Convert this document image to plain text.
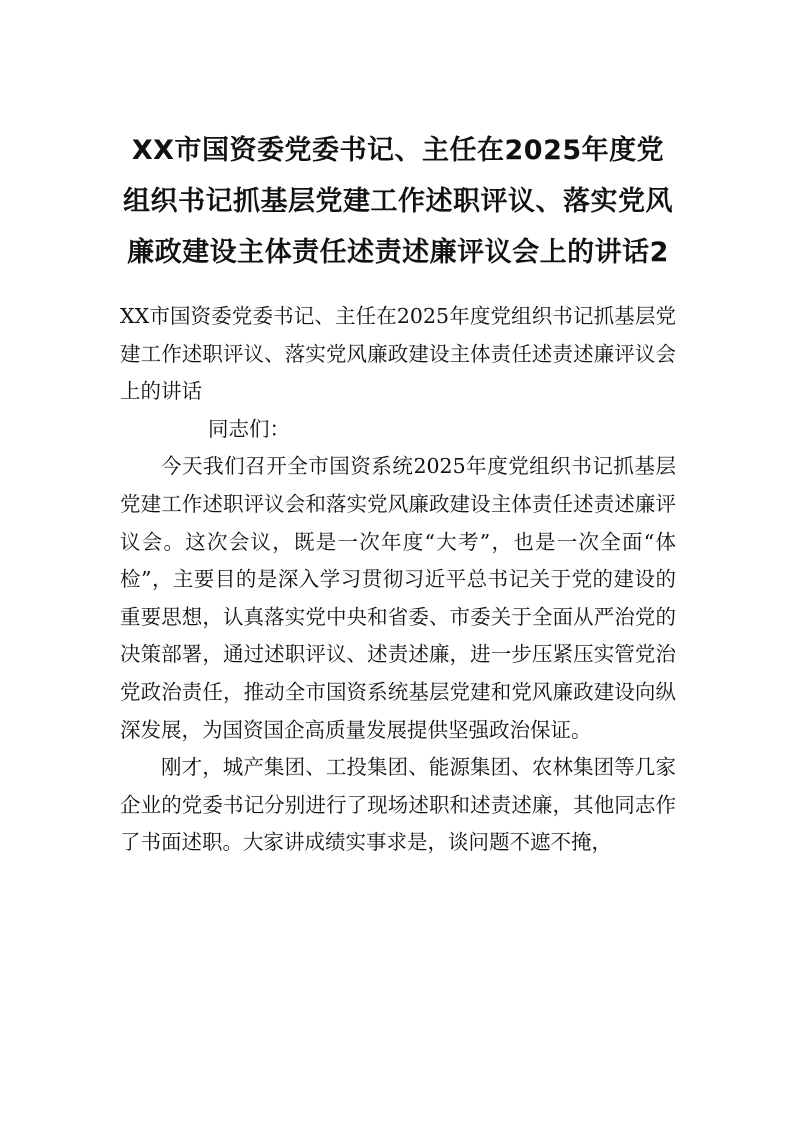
XX市国资委党委书记、主任在2025年度党组织书记抓基层党建工作述职评议、落实党风廉政建设主体责任述责述廉评议会上的讲话2

XX市国资委党委书记、主任在2025年度党组织书记抓基层党建工作述职评议、落实党风廉政建设主体责任述责述廉评议会上的讲话

同志们：

今天我们召开全市国资系统2025年度党组织书记抓基层党建工作述职评议会和落实党风廉政建设主体责任述责述廉评议会。这次会议，既是一次年度“大考”，也是一次全面“体检”，主要目的是深入学习贯彻习近平总书记关于党的建设的重要思想，认真落实党中央和省委、市委关于全面从严治党的决策部署，通过述职评议、述责述廉，进一步压紧压实管党治党政治责任，推动全市国资系统基层党建和党风廉政建设向纵深发展，为国资国企高质量发展提供坚强政治保证。

刚才，城产集团、工投集团、能源集团、农林集团等几家企业的党委书记分别进行了现场述职和述责述廉，其他同志作了书面述职。大家讲成绩实事求是，谈问题不遮不掩，
